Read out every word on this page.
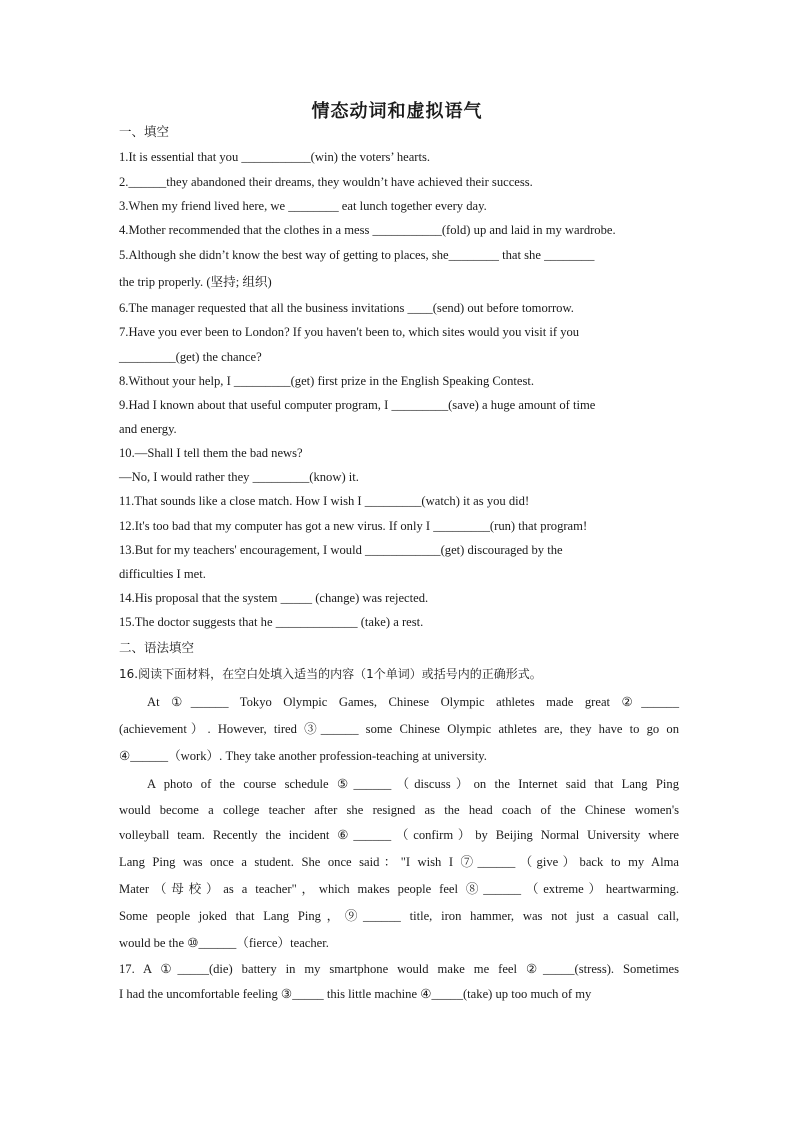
情态动词和虚拟语气
一、填空
1.It is essential that you ___________(win) the voters’ hearts.
2.______they abandoned their dreams, they wouldn’t have achieved their success.
3.When my friend lived here, we ________ eat lunch together every day.
4.Mother recommended that the clothes in a mess ___________(fold) up and laid in my wardrobe.
5.Although she didn’t know the best way of getting to places, she________ that she ________
the trip properly. (坚持; 组织)
6.The manager requested that all the business invitations ____(send) out before tomorrow.
7.Have you ever been to London? If you haven't been to, which sites would you visit if you
_________(get) the chance?
8.Without your help, I _________(get) first prize in the English Speaking Contest.
9.Had I known about that useful computer program, I _________(save) a huge amount of time
and energy.
10.—Shall I tell them the bad news?
—No, I would rather they _________(know) it.
11.That sounds like a close match. How I wish I _________(watch) it as you did!
12.It's too bad that my computer has got a new virus. If only I _________(run) that program!
13.But for my teachers' encouragement, I would ____________(get) discouraged by the
difficulties I met.
14.His proposal that the system _____ (change) was rejected.
15.The doctor suggests that he _____________ (take) a rest.
二、语法填空
16.阅读下面材料，在空白处填入适当的内容（1个单词）或括号内的正确形式。
At ①______ Tokyo Olympic Games, Chinese Olympic athletes made great ②______
(achievement）. However, tired ③______ some Chinese Olympic athletes are, they have to go on
④______（work）. They take another profession-teaching at university.
A photo of the course schedule ⑤______（discuss）on the Internet said that Lang Ping
would become a college teacher after she resigned as the head coach of the Chinese women's
volleyball team. Recently the incident ⑥______（confirm）by Beijing Normal University where
Lang Ping was once a student. She once said："I wish I ⑦______（give）back to my Alma
Mater（母校）as a teacher"，which makes people feel ⑧______（extreme）heartwarming.
Some people joked that Lang Ping，⑨______ title, iron hammer, was not just a casual call,
would be the ⑩______（fierce）teacher.
17. A ①_____(die) battery in my smartphone would make me feel ②_____(stress). Sometimes
I had the uncomfortable feeling ③_____ this little machine ④_____(take) up too much of my
